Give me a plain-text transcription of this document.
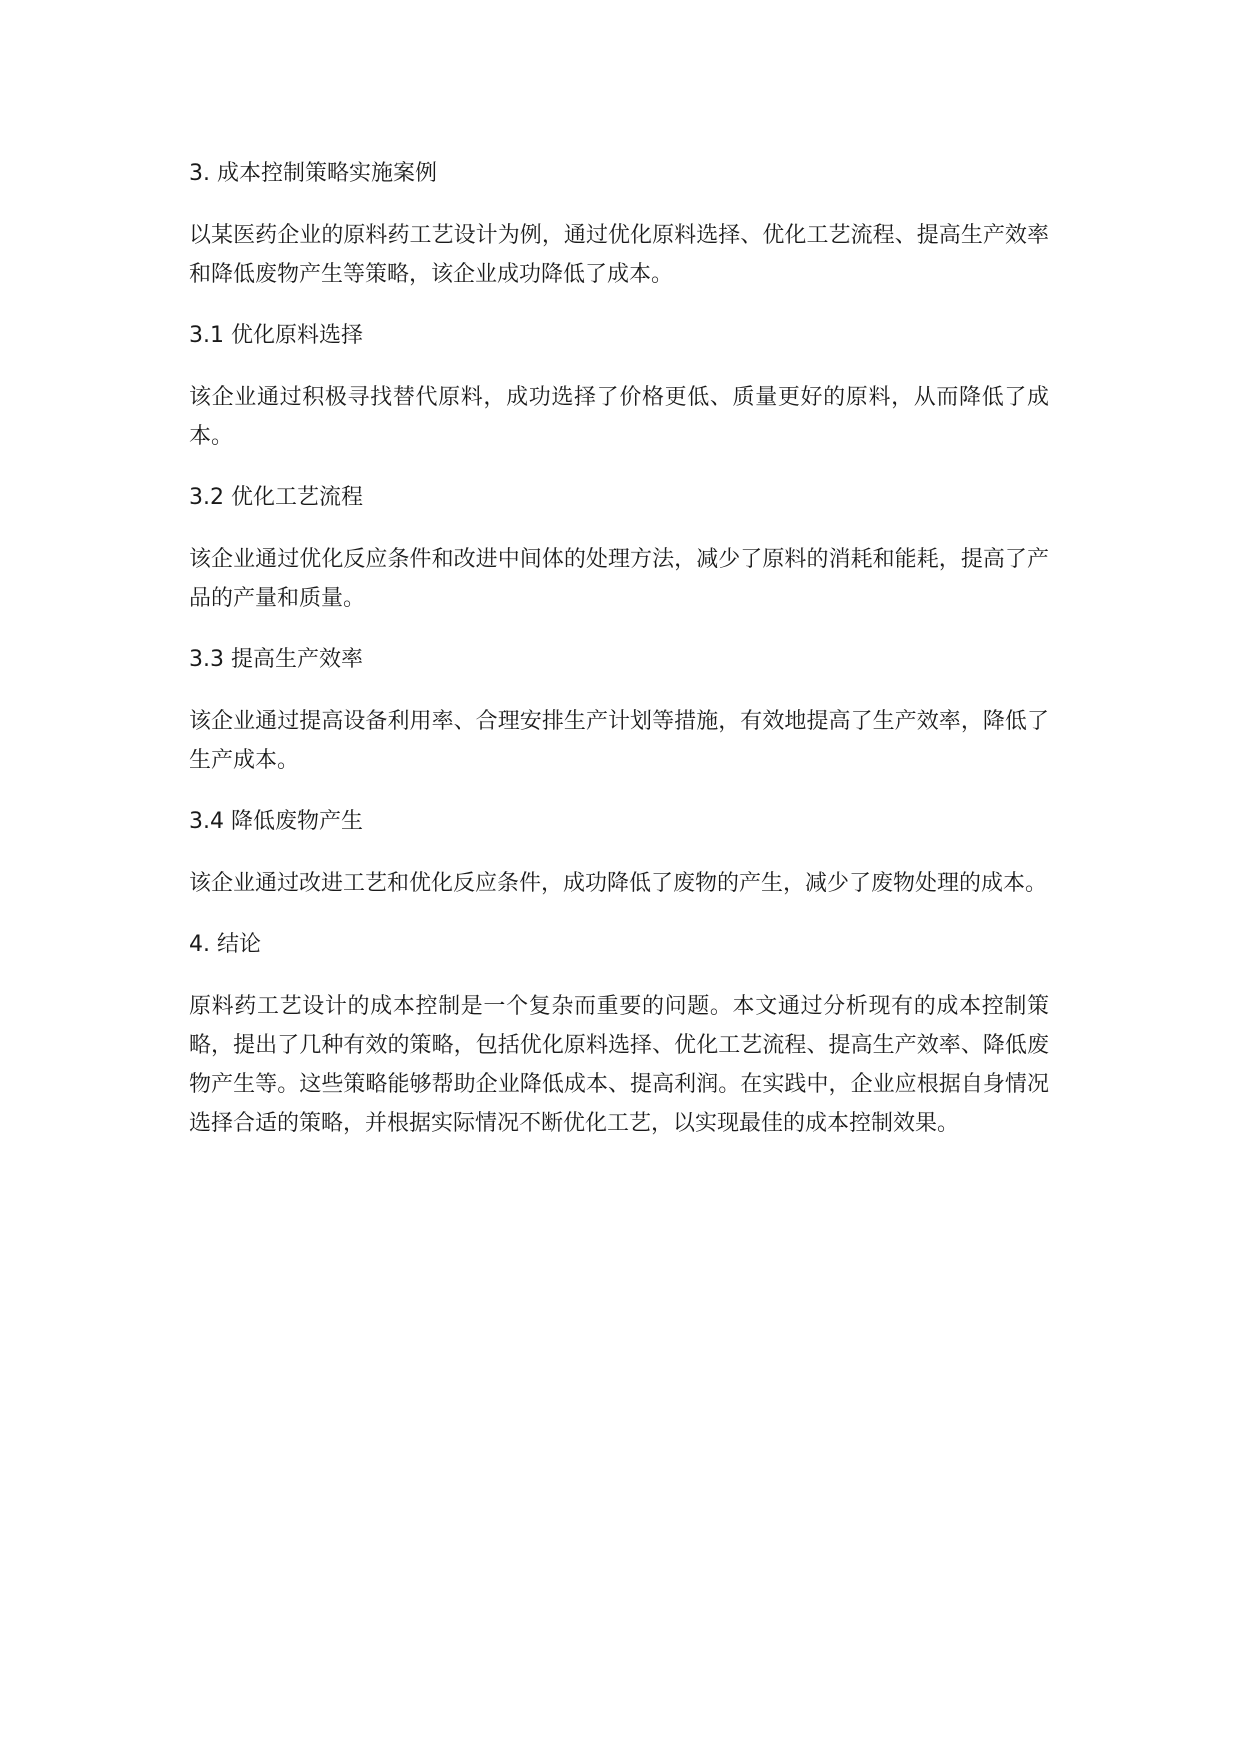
3. 成本控制策略实施案例
以某医药企业的原料药工艺设计为例，通过优化原料选择、优化工艺流程、提高生产效率和降低废物产生等策略，该企业成功降低了成本。
3.1 优化原料选择
该企业通过积极寻找替代原料，成功选择了价格更低、质量更好的原料，从而降低了成本。
3.2 优化工艺流程
该企业通过优化反应条件和改进中间体的处理方法，减少了原料的消耗和能耗，提高了产品的产量和质量。
3.3 提高生产效率
该企业通过提高设备利用率、合理安排生产计划等措施，有效地提高了生产效率，降低了生产成本。
3.4 降低废物产生
该企业通过改进工艺和优化反应条件，成功降低了废物的产生，减少了废物处理的成本。
4. 结论
原料药工艺设计的成本控制是一个复杂而重要的问题。本文通过分析现有的成本控制策略，提出了几种有效的策略，包括优化原料选择、优化工艺流程、提高生产效率、降低废物产生等。这些策略能够帮助企业降低成本、提高利润。在实践中，企业应根据自身情况选择合适的策略，并根据实际情况不断优化工艺，以实现最佳的成本控制效果。
